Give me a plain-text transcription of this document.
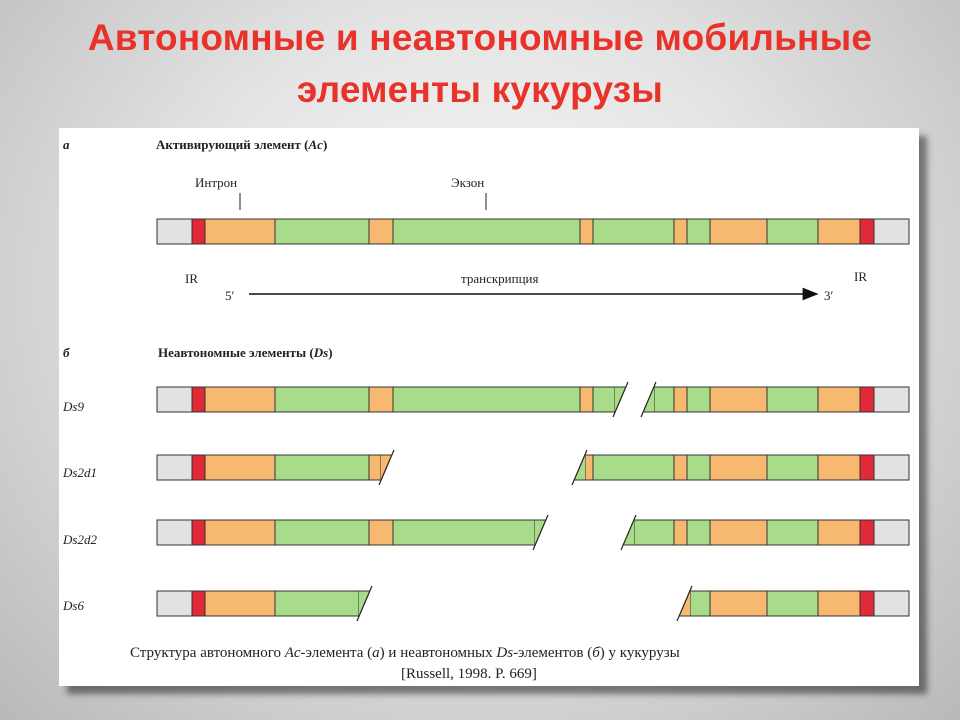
Автономные и неавтономные мобильные
элементы кукурузы
а	Активирующий элемент (Ac)
Интрон	Экзон
IR	IR
5′	3′
транскрипция
б	Неавтономные элементы (Ds)
Ds9
Ds2d1
Ds2d2
Ds6
Структура автономного Ac-элемента (а) и неавтономных Ds-элементов (б) у кукурузы
[Russell, 1998. P. 669]
